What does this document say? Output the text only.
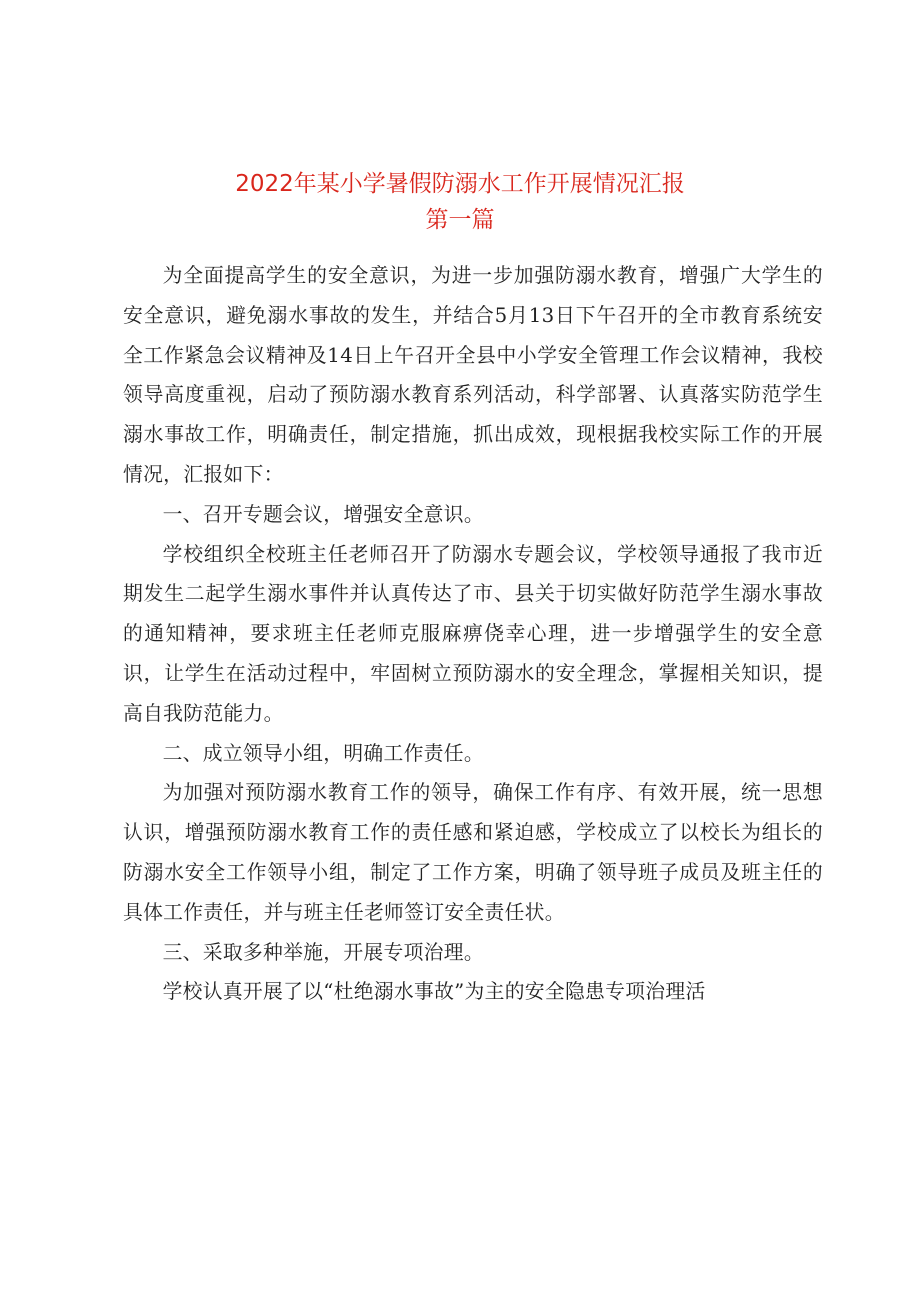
2022年某小学暑假防溺水工作开展情况汇报
第一篇

为全面提高学生的安全意识，为进一步加强防溺水教育，增强广大学生的安全意识，避免溺水事故的发生，并结合5月13日下午召开的全市教育系统安全工作紧急会议精神及14日上午召开全县中小学安全管理工作会议精神，我校领导高度重视，启动了预防溺水教育系列活动，科学部署、认真落实防范学生溺水事故工作，明确责任，制定措施，抓出成效，现根据我校实际工作的开展情况，汇报如下：

一、召开专题会议，增强安全意识。

学校组织全校班主任老师召开了防溺水专题会议，学校领导通报了我市近期发生二起学生溺水事件并认真传达了市、县关于切实做好防范学生溺水事故的通知精神，要求班主任老师克服麻痹侥幸心理，进一步增强学生的安全意识，让学生在活动过程中，牢固树立预防溺水的安全理念，掌握相关知识，提高自我防范能力。

二、成立领导小组，明确工作责任。

为加强对预防溺水教育工作的领导，确保工作有序、有效开展，统一思想认识，增强预防溺水教育工作的责任感和紧迫感，学校成立了以校长为组长的防溺水安全工作领导小组，制定了工作方案，明确了领导班子成员及班主任的具体工作责任，并与班主任老师签订安全责任状。

三、采取多种举施，开展专项治理。

学校认真开展了以“杜绝溺水事故”为主的安全隐患专项治理活
